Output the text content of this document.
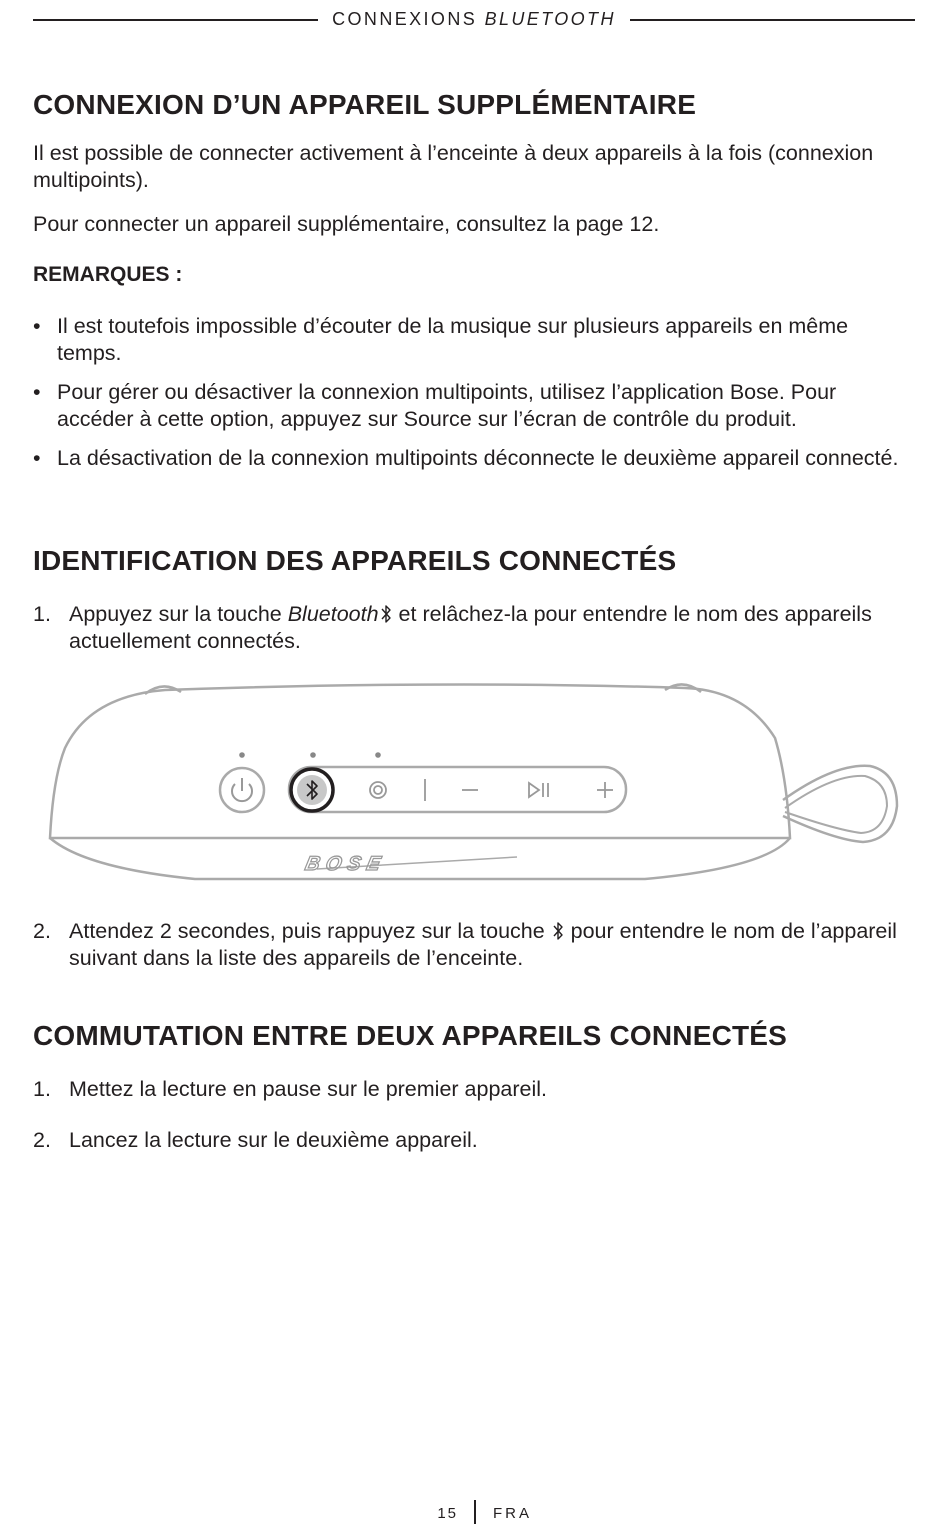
CONNEXIONS BLUETOOTH
CONNEXION D’UN APPAREIL SUPPLÉMENTAIRE

Il est possible de connecter activement à l’enceinte à deux appareils à la fois (connexion multipoints).

Pour connecter un appareil supplémentaire, consultez la page 12.

REMARQUES :

• Il est toutefois impossible d’écouter de la musique sur plusieurs appareils en même temps.
• Pour gérer ou désactiver la connexion multipoints, utilisez l’application Bose. Pour accéder à cette option, appuyez sur Source sur l’écran de contrôle du produit.
• La désactivation de la connexion multipoints déconnecte le deuxième appareil connecté.
IDENTIFICATION DES APPAREILS CONNECTÉS
1. Appuyez sur la touche Bluetooth et relâchez-la pour entendre le nom des appareils actuellement connectés.
BOSE
2. Attendez 2 secondes, puis rappuyez sur la touche  pour entendre le nom de l’appareil suivant dans la liste des appareils de l’enceinte.
COMMUTATION ENTRE DEUX APPAREILS CONNECTÉS
1. Mettez la lecture en pause sur le premier appareil.
2. Lancez la lecture sur le deuxième appareil.
15 FRA
